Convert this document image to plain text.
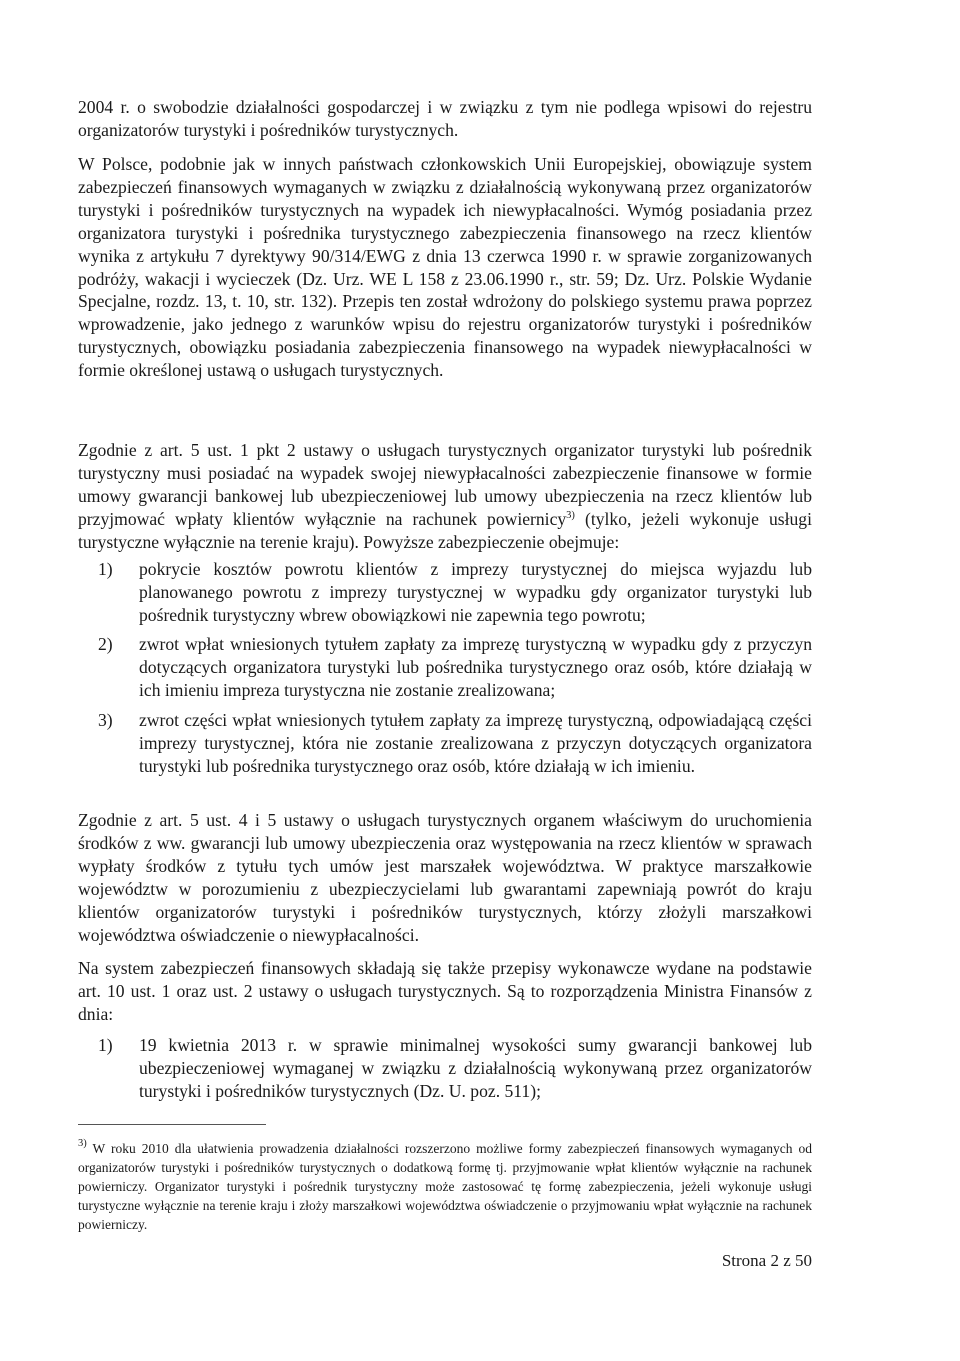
2004 r. o swobodzie działalności gospodarczej i w związku z tym nie podlega wpisowi do rejestru organizatorów turystyki i pośredników turystycznych.

W Polsce, podobnie jak w innych państwach członkowskich Unii Europejskiej, obowiązuje system zabezpieczeń finansowych wymaganych w związku z działalnością wykonywaną przez organizatorów turystyki i pośredników turystycznych na wypadek ich niewypłacalności. Wymóg posiadania przez organizatora turystyki i pośrednika turystycznego zabezpieczenia finansowego na rzecz klientów wynika z artykułu 7 dyrektywy 90/314/EWG z dnia 13 czerwca 1990 r. w sprawie zorganizowanych podróży, wakacji i wycieczek (Dz. Urz. WE L 158 z 23.06.1990 r., str. 59; Dz. Urz. Polskie Wydanie Specjalne, rozdz. 13, t. 10, str. 132). Przepis ten został wdrożony do polskiego systemu prawa poprzez wprowadzenie, jako jednego z warunków wpisu do rejestru organizatorów turystyki i pośredników turystycznych, obowiązku posiadania zabezpieczenia finansowego na wypadek niewypłacalności w formie określonej ustawą o usługach turystycznych.

Zgodnie z art. 5 ust. 1 pkt 2 ustawy o usługach turystycznych organizator turystyki lub pośrednik turystyczny musi posiadać na wypadek swojej niewypłacalności zabezpieczenie finansowe w formie umowy gwarancji bankowej lub ubezpieczeniowej lub umowy ubezpieczenia na rzecz klientów lub przyjmować wpłaty klientów wyłącznie na rachunek powiernicy$^{3)}$ (tylko, jeżeli wykonuje usługi turystyczne wyłącznie na terenie kraju). Powyższe zabezpieczenie obejmuje:

1) pokrycie kosztów powrotu klientów z imprezy turystycznej do miejsca wyjazdu lub planowanego powrotu z imprezy turystycznej w wypadku gdy organizator turystyki lub pośrednik turystyczny wbrew obowiązkowi nie zapewnia tego powrotu;
2) zwrot wpłat wniesionych tytułem zapłaty za imprezę turystyczną w wypadku gdy z przyczyn dotyczących organizatora turystyki lub pośrednika turystycznego oraz osób, które działają w ich imieniu impreza turystyczna nie zostanie zrealizowana;
3) zwrot części wpłat wniesionych tytułem zapłaty za imprezę turystyczną, odpowiadającą części imprezy turystycznej, która nie zostanie zrealizowana z przyczyn dotyczących organizatora turystyki lub pośrednika turystycznego oraz osób, które działają w ich imieniu.

Zgodnie z art. 5 ust. 4 i 5 ustawy o usługach turystycznych organem właściwym do uruchomienia środków z ww. gwarancji lub umowy ubezpieczenia oraz występowania na rzecz klientów w sprawach wypłaty środków z tytułu tych umów jest marszałek województwa. W praktyce marszałkowie województw w porozumieniu z ubezpieczycielami lub gwarantami zapewniają powrót do kraju klientów organizatorów turystyki i pośredników turystycznych, którzy złożyli marszałkowi województwa oświadczenie o niewypłacalności.

Na system zabezpieczeń finansowych składają się także przepisy wykonawcze wydane na podstawie art. 10 ust. 1 oraz ust. 2 ustawy o usługach turystycznych. Są to rozporządzenia Ministra Finansów z dnia:

1) 19 kwietnia 2013 r. w sprawie minimalnej wysokości sumy gwarancji bankowej lub ubezpieczeniowej wymaganej w związku z działalnością wykonywaną przez organizatorów turystyki i pośredników turystycznych (Dz. U. poz. 511);

$^{3)}$ W roku 2010 dla ułatwienia prowadzenia działalności rozszerzono możliwe formy zabezpieczeń finansowych wymaganych od organizatorów turystyki i pośredników turystycznych o dodatkową formę tj. przyjmowanie wpłat klientów wyłącznie na rachunek powierniczy. Organizator turystyki i pośrednik turystyczny może zastosować tę formę zabezpieczenia, jeżeli wykonuje usługi turystyczne wyłącznie na terenie kraju i złoży marszałkowi województwa oświadczenie o przyjmowaniu wpłat wyłącznie na rachunek powierniczy.

Strona 2 z 50
